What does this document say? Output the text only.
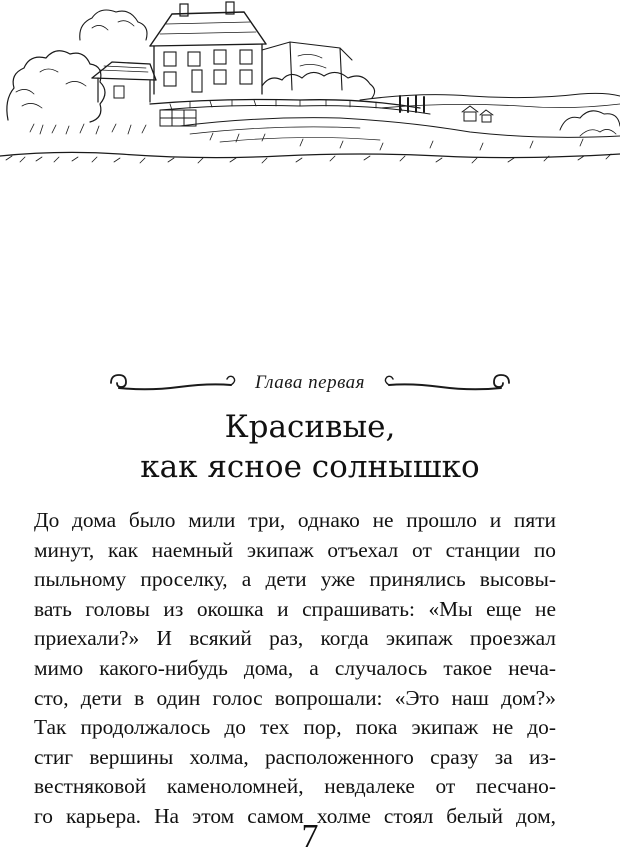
Глава первая
Красивые,
как ясное солнышко
До дома было мили три, однако не прошло и пяти
минут, как наемный экипаж отъехал от станции по
пыльному проселку, а дети уже принялись высовы-
вать головы из окошка и спрашивать: «Мы еще не
приехали?» И всякий раз, когда экипаж проезжал
мимо какого-нибудь дома, а случалось такое неча-
сто, дети в один голос вопрошали: «Это наш дом?»
Так продолжалось до тех пор, пока экипаж не до-
стиг вершины холма, расположенного сразу за из-
вестняковой каменоломней, невдалеке от песчано-
го карьера. На этом самом холме стоял белый дом,
7
